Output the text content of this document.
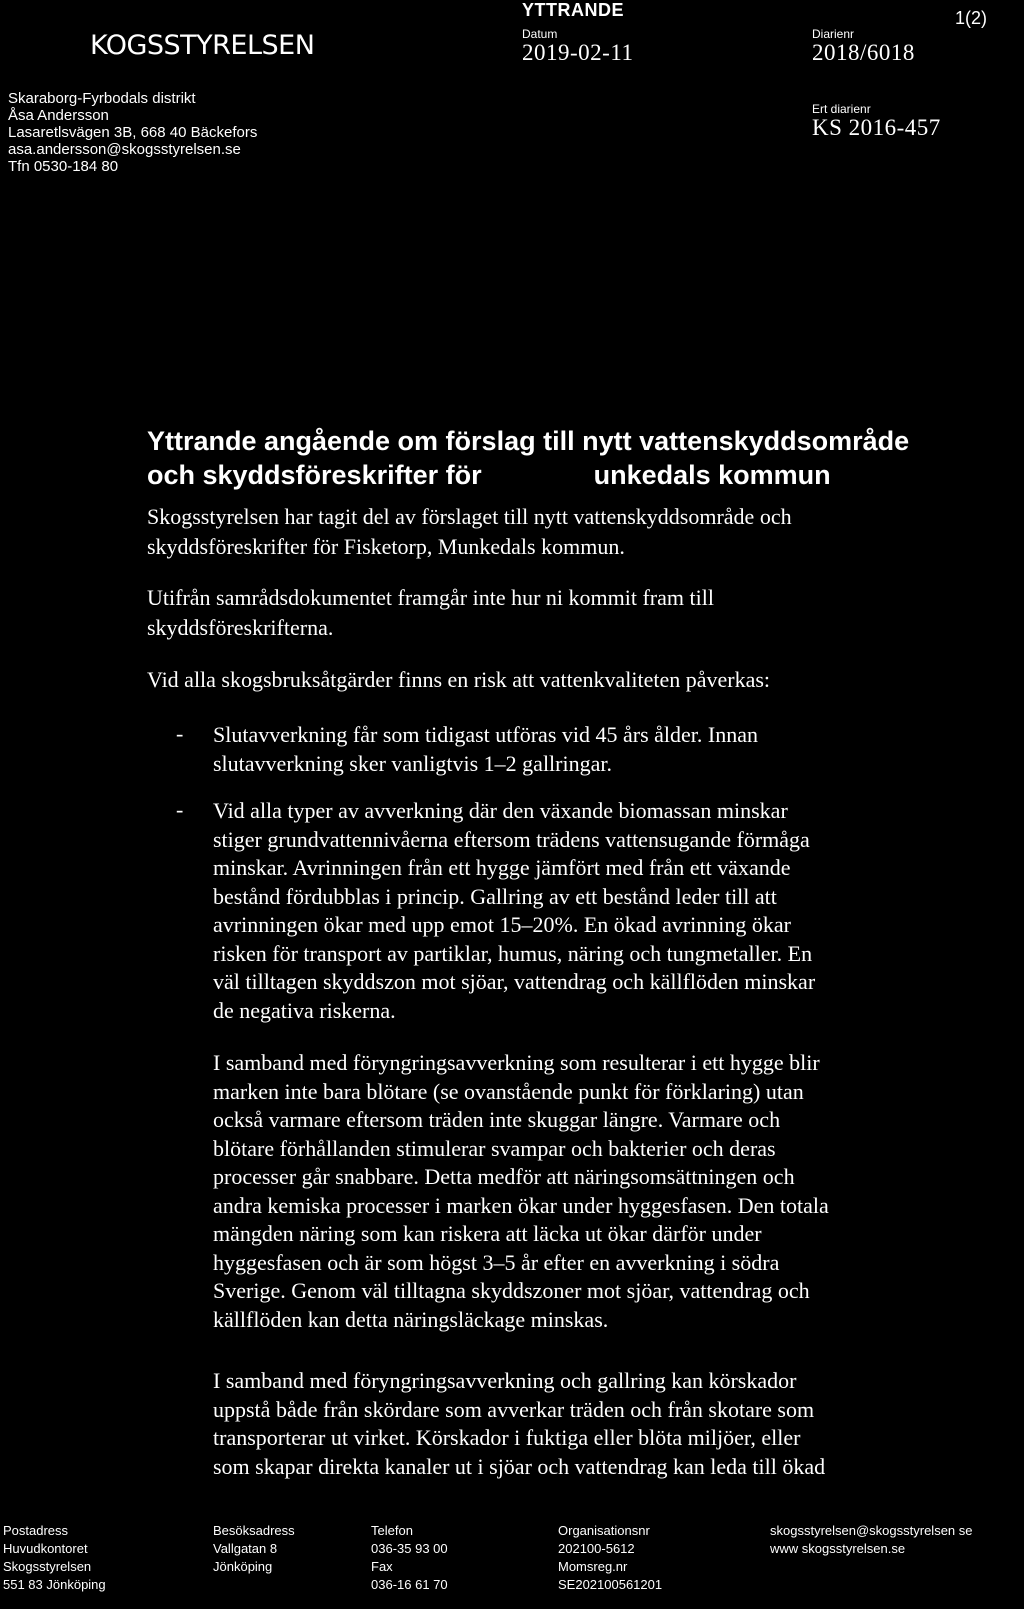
KOGSSTYRELSEN
Skaraborg-Fyrbodals distrikt
Åsa Andersson
Lasaretlsvägen 3B, 668 40 Bäckefors
asa.andersson@skogsstyrelsen.se
Tfn 0530-184 80
YTTRANDE
Datum
2019-02-11
Diarienr
2018/6018
1(2)
Ert diarienr
KS 2016-457
Yttrande angående om förslag till nytt vattenskyddsområde
och skyddsföreskrifter för	unkedals kommun

Skogsstyrelsen har tagit del av förslaget till nytt vattenskyddsområde och

skyddsföreskrifter för Fisketorp, Munkedals kommun.

Utifrån samrådsdokumentet framgår inte hur ni kommit fram till

skyddsföreskrifterna.

Vid alla skogsbruksåtgärder finns en risk att vattenkvaliteten påverkas:

- Slutavverkning får som tidigast utföras vid 45 års ålder. Innan
slutavverkning sker vanligtvis 1–2 gallringar.
- Vid alla typer av avverkning där den växande biomassan minskar
stiger grundvattennivåerna eftersom trädens vattensugande förmåga
minskar. Avrinningen från ett hygge jämfört med från ett växande
bestånd fördubblas i princip. Gallring av ett bestånd leder till att
avrinningen ökar med upp emot 15–20%. En ökad avrinning ökar
risken för transport av partiklar, humus, näring och tungmetaller. En
väl tilltagen skyddszon mot sjöar, vattendrag och källflöden minskar
de negativa riskerna.
I samband med föryngringsavverkning som resulterar i ett hygge blir
marken inte bara blötare (se ovanstående punkt för förklaring) utan
också varmare eftersom träden inte skuggar längre. Varmare och
blötare förhållanden stimulerar svampar och bakterier och deras
processer går snabbare. Detta medför att näringsomsättningen och
andra kemiska processer i marken ökar under hyggesfasen. Den totala
mängden näring som kan riskera att läcka ut ökar därför under
hyggesfasen och är som högst 3–5 år efter en avverkning i södra
Sverige. Genom väl tilltagna skyddszoner mot sjöar, vattendrag och
källflöden kan detta näringsläckage minskas.
I samband med föryngringsavverkning och gallring kan körskador
uppstå både från skördare som avverkar träden och från skotare som
transporterar ut virket. Körskador i fuktiga eller blöta miljöer, eller
som skapar direkta kanaler ut i sjöar och vattendrag kan leda till ökad
Postadress
Huvudkontoret
Skogsstyrelsen
551 83 Jönköping
Besöksadress
Vallgatan 8
Jönköping
Telefon
036-35 93 00
Fax
036-16 61 70
Organisationsnr
202100-5612
Momsreg.nr
SE202100561201
skogsstyrelsen@skogsstyrelsen se
www skogsstyrelsen.se
